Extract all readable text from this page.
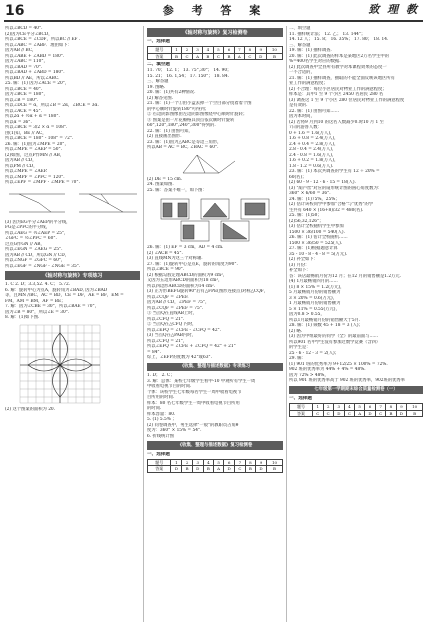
16	参 考 答 案	致 理 教
所以∠BCD = 40°.
(2)因为CE平分∠BCD，
所以∠BCE = ∠CDF，所以BC // EF .
所以∠ABC = ∠ABF．理由如下：
因为AB // BC，
所以∠ABE + ∠ABD = 180°.
因为∠ABC = 110°，
所以∠BAD = 70°.
所以∠BAD + ∠ABD = 180°.
所以BD // AE，所以∠ABC．
25. 解：(1) 因为∠ACE = 20°，
所以∠BCE = 40°.
因为∠BCE = 180°，
所以∠B = 180°.
所以∠DCE = α，所以∠B = 2α，∠BCE = 3α.
所以∠ACE = 45°.
所以2α + ½α + α = 180°.
所以α = 36°.
所以∠BCE = 3/2 × α = 108°.
由(1)知，BE // AC，
所以∠BCE = 180° - 108° = 72°.
26. 解：(1)因为∠MPE = 20°，
所以∠MPE = ∠AEP = 50°.
(2)如图，过点P作MN // AB，
因为AB // CD，
所以PM // CD，
所以∠MPE = ∠AEP.
所以∠MPF = ∠PFC = 120°.
所以∠EPF = ∠MPF - ∠MPE = 70°.
(3) 因为EG平分∠AEP的平分线，
FG是∠PFC的平分线，
所以∠AEG = ½∠AEP = 25°，
∠GFC = ½∠PFC = 60°.
过点G作GN // AB，
所以∠EGN = ∠AEG = 25°.
因为AB // CD，所以GN // CD，
所以∠NGF = ∠GFC = 60°，
所以∠EGF = ∠NGF - ∠NGE = 35°.
《轴对称与旋转》专项练习
1. C 2. D；3.3,52. 4. C； 5.72.
6. 解：旋转中心为点A，旋转角为∠BAD, 因为∠BAD
等，且MN //BC，AC = BD，CE = DF，AE = BF，EM =
FM，AM = BM，AF = BE；
7. 解：因为∠CBE = 30°，所以∠BAE = 70°，
因为∠B = 80°，所以∠E = 30°.
8. 解：(1)如下图.
(2) 这个图案的面积为 20.
《轴对称与旋转》复习检测卷
一、选择题
题号	1	2	3	4	5	6	7	8	9	10
答案	B	C	A	B	C	B	A	C	D	B
二、填空题
11. 70； 12. 1； 13. 75°,30°； 14. 90；
15. 21； 16. 1,54； 17. 150°； 18. 84.
三、解答题
19. 图略.
20. 解：(1)共有2种情况.
(2) 解答见图.
21. 解：(1)一个①由小盒去掉一个空白部分绕着着个图
的中心顺时针旋转180°可得到；
② 右边阴影图像由左边阴影图像绕中心顺时针旋转；
③ 图案是由一片花瓣格其顶点依次顺时针旋转
60°,120°,180°,240°,300°得到的.
22. 解：(1) 由图可知，
(2) 直接画出图形.
23. 解：(1)因为△ABC是等边三角形，
所以AB = AC = BC, ∠BAC = 60°.
(2) DE = 15 cm.
24. 图案如图.
25. 解：答案不唯一，如下图：
26. 解：(1) EF = 3 cm，AD = 4 cm.
(2) ∠ACB = 45°.
(3) 直线MN为这三个对称轴.
27. 解：(1)旋转中心是点E，旋转的角度为90°.
所以∠BCE = 90°.
(2) 根据勾股定理ABCD的面积为9 cm²，
又因为五边形ABCD的面积为18 cm²，
所以四边形ABCD的面积为14 cm².
(3) 正方形BEFG旋转90°后有△FPE(图形连接点)对称△CQF，
所以∠CQF = ∠PEF.
因为AB // CD，∠PEF = 75°，
所以∠CQF = ∠PEF = 75°.
① 当点Q在直线AB上时，
所以∠CFQ = 21°.
② 当点Q在△CFQ 内时，
所以∠EFQ = ∠CFE - ∠CFQ = 42°.
(3) 当点Q在△PAB内时，
所以∠CFQ = 21°，
所以∠EFQ = ∠CFE + ∠CFQ = 42° + 21°
= 84°.
综上，∠EFP的度数为 42°或63°.
《收集、整理与描述数据》专项练习
1. D； 2. C；
3. 解：总体：某校七年级学生看中-10 中观听有学生一周
中收看电视节目的时间.
个体：该校学生七年级每名学生一周中收看电视节
目所用的时间.
样本：80 名七年级学生一周中收看电视节目所用
的时间.
样本容量：80.
5. (1) 5.5% ；
(2) 问卷调查中，男生选择"一般"的教职员占角θ
度为：360° × 15% = 54°.
6. 折线统计图
《收集、整理与描述数据》复习检测卷
一、选择题
题号	1	2	3	4	5	6	7	8	9	10
答案	D	B	D	B	A	D	C	B	D	B
二、填空题
11. 抽样统计法； 12. 乙； 13. 144°；
14. 12 人； 15. 8； 16. 35%； 17. 80； 18. 14.
三、解答题
19. 解：(1) 抽样调查.
20. 解：(1) 此次调查的样本是某地区2万名学生中的
%=400名学生对应的数据.
(2) 此次调查中全县所有教学对本课程效果的态度一
一不合适的，
21. 解：(1) 抽样调查，抽取的不能全面反映该地区所有
业工作的满意程度；
(2) 不合理：每位小区居民对物业工作的满意程度；
样本是：其中1 至 9 个小区 2450 名居民 280 名
(3) 调查这 1 至 9 个小区 280 位居民对物业工作的满意程度
是有效的.
22. 解：(1) 由图可知……
因为本时间，
(2) 若将9 月到10 的这名人数减少0.时10 月 1 至
7日的游客人数：
0 + 1.6 = 1.6(万人)，
1.6 + 0.8 = 2.4(万人)，
2.4 + 0.4 = 2.8(万人)，
2.8 - 0.4 = 2.4(万人)，
2.4 - 0.8 = 1.6(万人)，
1.6 + 0.2 = 1.8(万人)，
1.8 - 1.2 = 0.6(万人).
23. 解：(1) 本次共调查的学生有 12 ÷ 20% =
60(名)；
(2) 60 - 9 - 12 - 6 - 15 = 18(人).
(3) "葫芦丝"对应的扇形统计图的圆心角度数为：
360° × 6/60 = 36°.
24. 解：(1)75%，25%；
(2) 估计该校同学中参加"合格"与"优秀"的学
生共有 640 × (16+8)/32 = 480(名).
25. 解：(1)50；
(2)56,32,126°；
(3) 估计全校随机学生中参加
1500 × 36/100 = 540(人).
26. 解：(1) 估计全校随机……
1500 × 36/50 = 525(人).
27. 解：(1)根据题意计算
35 - 10 - 8 - 4 - 8 = 5(万元).
(2) 补全如下：
(3) 月份：
补全如下：
答：该店最畅销月份为12 月；在12 月的销售额是1.2万元.
(4) 1月最畅销四月的……
(1) 8 × 15% = 1.2(万元)，
5 月最畅销月份的销售额为
3 × 20% = 0.6(万元)，
1 月最畅销月份的销售额为
5 × 11% = 0.55(万元)，
因为0.8 > 0.55，
所以1月最畅销月份的销售额大于5月.
28. 解：(1) 频数 45 + 18 = 3 (人)；
(2) 略.
(3) 因为甲组最好的同学（全）的最前面与……
所以901 名中学生没有参加过数学竞赛（含四）
的学生是：
25 - 6 - 12 - 3 = 2(人)；
29. 解：
(1) 901 班的优秀率为 9+12/25 × 100% = 72%.
902 班的优秀率为 44% + 4% = 48%.
因为 72% > 48%，
所以 901 班的优秀率高于 902 班的优秀率，902班的优秀率
七年级第一学期期末综合质量检测卷（一）
一、选择题
题号	1	2	3	4	5	6	7	8	9	10
答案	C	C	D	C	A	D	C	B	D	B
